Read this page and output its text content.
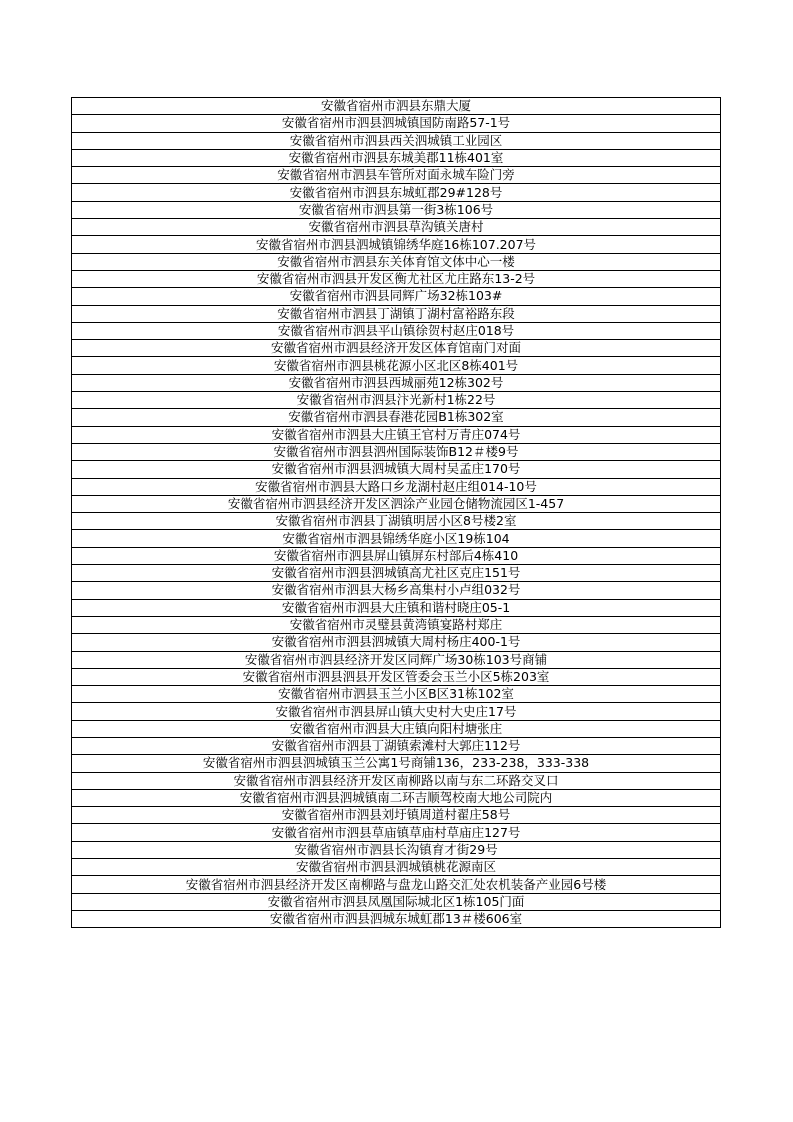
安徽省宿州市泗县东鼎大厦
安徽省宿州市泗县泗城镇国防南路57-1号
安徽省宿州市泗县西关泗城镇工业园区
安徽省宿州市泗县东城美郡11栋401室
安徽省宿州市泗县车管所对面永城车险门旁
安徽省宿州市泗县东城虹郡29#128号
安徽省宿州市泗县第一街3栋106号
安徽省宿州市泗县草沟镇关唐村
安徽省宿州市泗县泗城镇锦绣华庭16栋107.207号
安徽省宿州市泗县东关体育馆文体中心一楼
安徽省宿州市泗县开发区衡尤社区尤庄路东13-2号
安徽省宿州市泗县同辉广场32栋103#
安徽省宿州市泗县丁湖镇丁湖村富裕路东段
安徽省宿州市泗县平山镇徐贺村赵庄018号
安徽省宿州市泗县经济开发区体育馆南门对面
安徽省宿州市泗县桃花源小区北区8栋401号
安徽省宿州市泗县西城丽苑12栋302号
安徽省宿州市泗县汴光新村1栋22号
安徽省宿州市泗县春港花园B1栋302室
安徽省宿州市泗县大庄镇王官村万青庄074号
安徽省宿州市泗县泗州国际装饰B12＃楼9号
安徽省宿州市泗县泗城镇大周村吴孟庄170号
安徽省宿州市泗县大路口乡龙湖村赵庄组014-10号
安徽省宿州市泗县经济开发区泗涂产业园仓储物流园区1-457
安徽省宿州市泗县丁湖镇明居小区8号楼2室
安徽省宿州市泗县锦绣华庭小区19栋104
安徽省宿州市泗县屏山镇屏东村部后4栋410
安徽省宿州市泗县泗城镇高尤社区克庄151号
安徽省宿州市泗县大杨乡高集村小卢组032号
安徽省宿州市泗县大庄镇和谐村晓庄05-1
安徽省宿州市灵璧县黄湾镇宴路村郑庄
安徽省宿州市泗县泗城镇大周村杨庄400-1号
安徽省宿州市泗县经济开发区同辉广场30栋103号商铺
安徽省宿州市泗县泗县开发区管委会玉兰小区5栋203室
安徽省宿州市泗县玉兰小区B区31栋102室
安徽省宿州市泗县屏山镇大史村大史庄17号
安徽省宿州市泗县大庄镇向阳村塘张庄
安徽省宿州市泗县丁湖镇索滩村大郭庄112号
安徽省宿州市泗县泗城镇玉兰公寓1号商铺136，233-238，333-338
安徽省宿州市泗县经济开发区南柳路以南与东二环路交叉口
安徽省宿州市泗县泗城镇南二环吉顺驾校南大地公司院内
安徽省宿州市泗县刘圩镇周道村翟庄58号
安徽省宿州市泗县草庙镇草庙村草庙庄127号
安徽省宿州市泗县长沟镇育才街29号
安徽省宿州市泗县泗城镇桃花源南区
安徽省宿州市泗县经济开发区南柳路与盘龙山路交汇处农机装备产业园6号楼
安徽省宿州市泗县凤凰国际城北区1栋105门面
安徽省宿州市泗县泗城东城虹郡13＃楼606室
